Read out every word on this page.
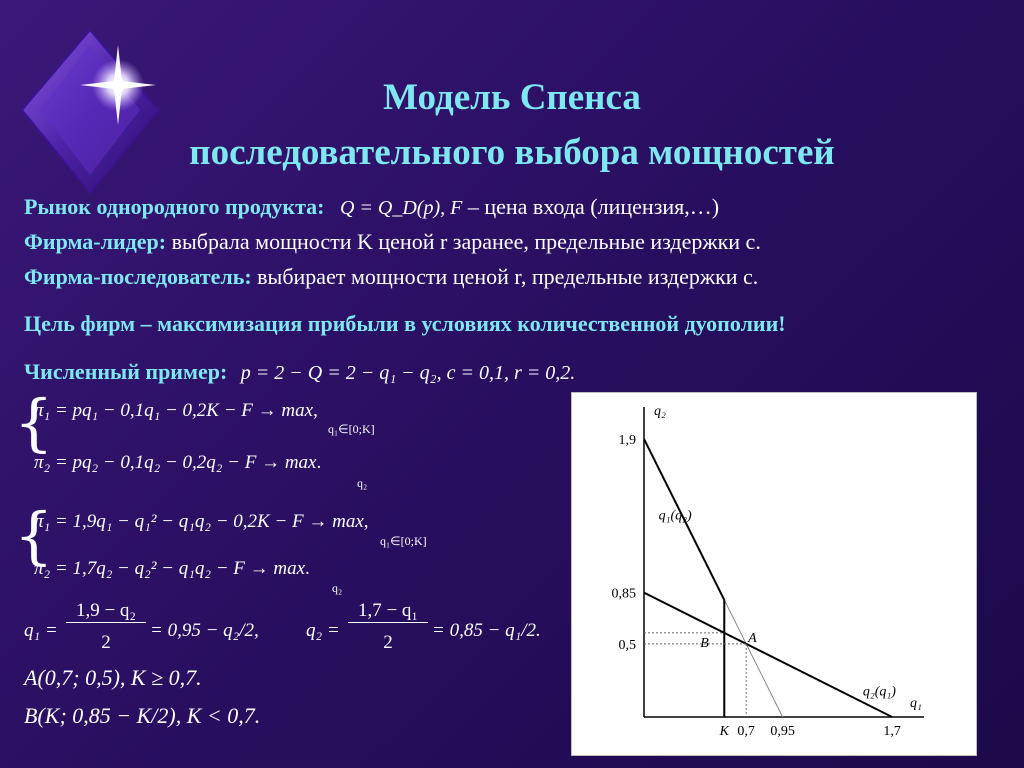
Модель Спенса
последовательного выбора мощностей
Рынок однородного продукта: Q = Q_D(p), F – цена входа (лицензия,…)
Фирма-лидер: выбрала мощности K ценой r заранее, предельные издержки c.
Фирма-последователь: выбирает мощности ценой r, предельные издержки c.
Цель фирм – максимизация прибыли в условиях количественной дуополии!
Численный пример: p = 2 − Q = 2 − q₁ − q₂, c = 0,1, r = 0,2.
{
π₁ = pq₁ − 0,1q₁ − 0,2K − F → max,
q₁∈[0;K]
π₂ = pq₂ − 0,1q₂ − 0,2q₂ − F → max.
q₂
{
π₁ = 1,9q₁ − q₁² − q₁q₂ − 0,2K − F → max,
q₁∈[0;K]
π₂ = 1,7q₂ − q₂² − q₁q₂ − F → max.
q₂
q₁ =
1,9 − q₂
2
= 0,95 − q₂/2, q₂ =
1,7 − q₁
2
= 0,85 − q₁/2.
A(0,7; 0,5), K ≥ 0,7.
B(K; 0,85 − K/2), K < 0,7.
q₂
q₁
q₁(q₂)
q₂(q₁)
B	A
1,9
0,85
0,5
K 0,7 0,95	1,7
